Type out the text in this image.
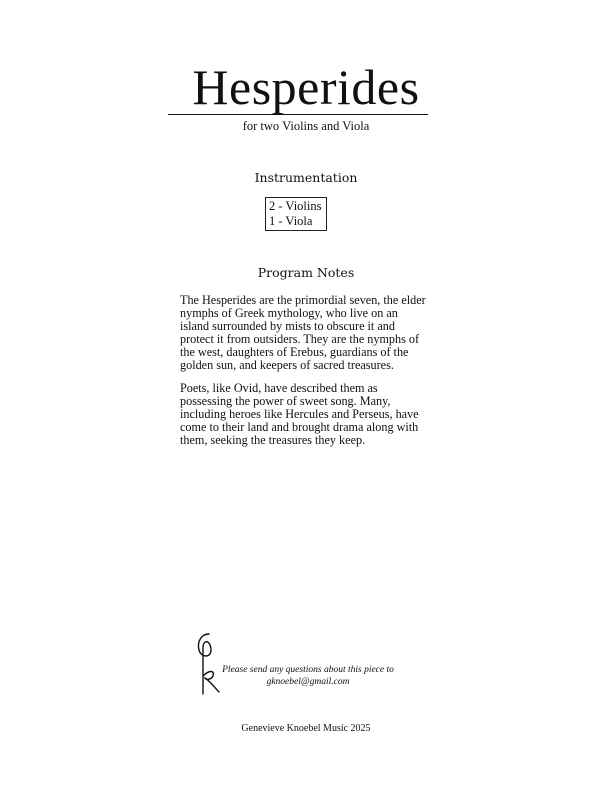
Hesperides
for two Violins and Viola
Instrumentation
2 - Violins
1 - Viola
Program Notes

The Hesperides are the primordial seven, the elder nymphs of Greek mythology, who live on an island surrounded by mists to obscure it and protect it from outsiders. They are the nymphs of the west, daughters of Erebus, guardians of the golden sun, and keepers of sacred treasures.

Poets, like Ovid, have described them as possessing the power of sweet song. Many, including heroes like Hercules and Perseus, have come to their land and brought drama along with them, seeking the treasures they keep.

Please send any questions about this piece to
gknoebel@gmail.com
Genevieve Knoebel Music 2025
